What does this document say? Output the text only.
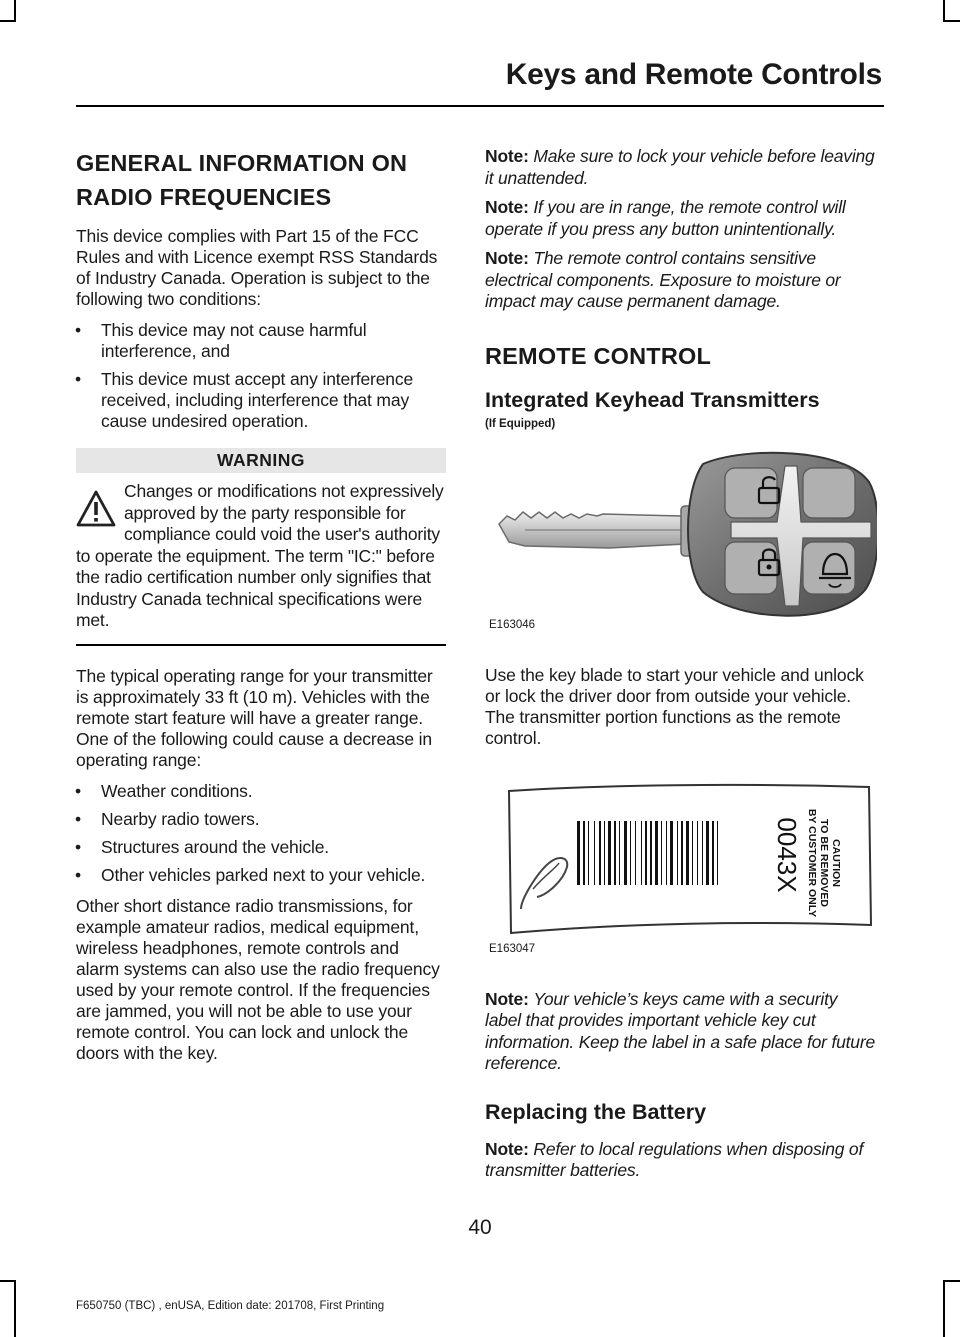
Keys and Remote Controls
GENERAL INFORMATION ON
RADIO FREQUENCIES
This device complies with Part 15 of the FCC Rules and with Licence exempt RSS Standards of Industry Canada. Operation is subject to the following two conditions:
•	This device may not cause harmful interference, and
•	This device must accept any interference received, including interference that may cause undesired operation.
WARNING
Changes or modifications not expressively approved by the party responsible for compliance could void the user's authority to operate the equipment. The term "IC:" before the radio certification number only signifies that Industry Canada technical specifications were met.
The typical operating range for your transmitter is approximately 33 ft (10 m). Vehicles with the remote start feature will have a greater range. One of the following could cause a decrease in operating range:
•	Weather conditions.
•	Nearby radio towers.
•	Structures around the vehicle.
•	Other vehicles parked next to your vehicle.
Other short distance radio transmissions, for example amateur radios, medical equipment, wireless headphones, remote controls and alarm systems can also use the radio frequency used by your remote control. If the frequencies are jammed, you will not be able to use your remote control. You can lock and unlock the doors with the key.
Note: Make sure to lock your vehicle before leaving it unattended.
Note: If you are in range, the remote control will operate if you press any button unintentionally.
Note: The remote control contains sensitive electrical components. Exposure to moisture or impact may cause permanent damage.
REMOTE CONTROL
Integrated Keyhead Transmitters
(If Equipped)
E163046
Use the key blade to start your vehicle and unlock or lock the driver door from outside your vehicle. The transmitter portion functions as the remote control.
0043X	CAUTION
TO BE REMOVED
BY CUSTOMER ONLY
E163047
Note: Your vehicle’s keys came with a security label that provides important vehicle key cut information. Keep the label in a safe place for future reference.
Replacing the Battery
Note: Refer to local regulations when disposing of transmitter batteries.
40
F650750 (TBC) , enUSA, Edition date: 201708, First Printing
